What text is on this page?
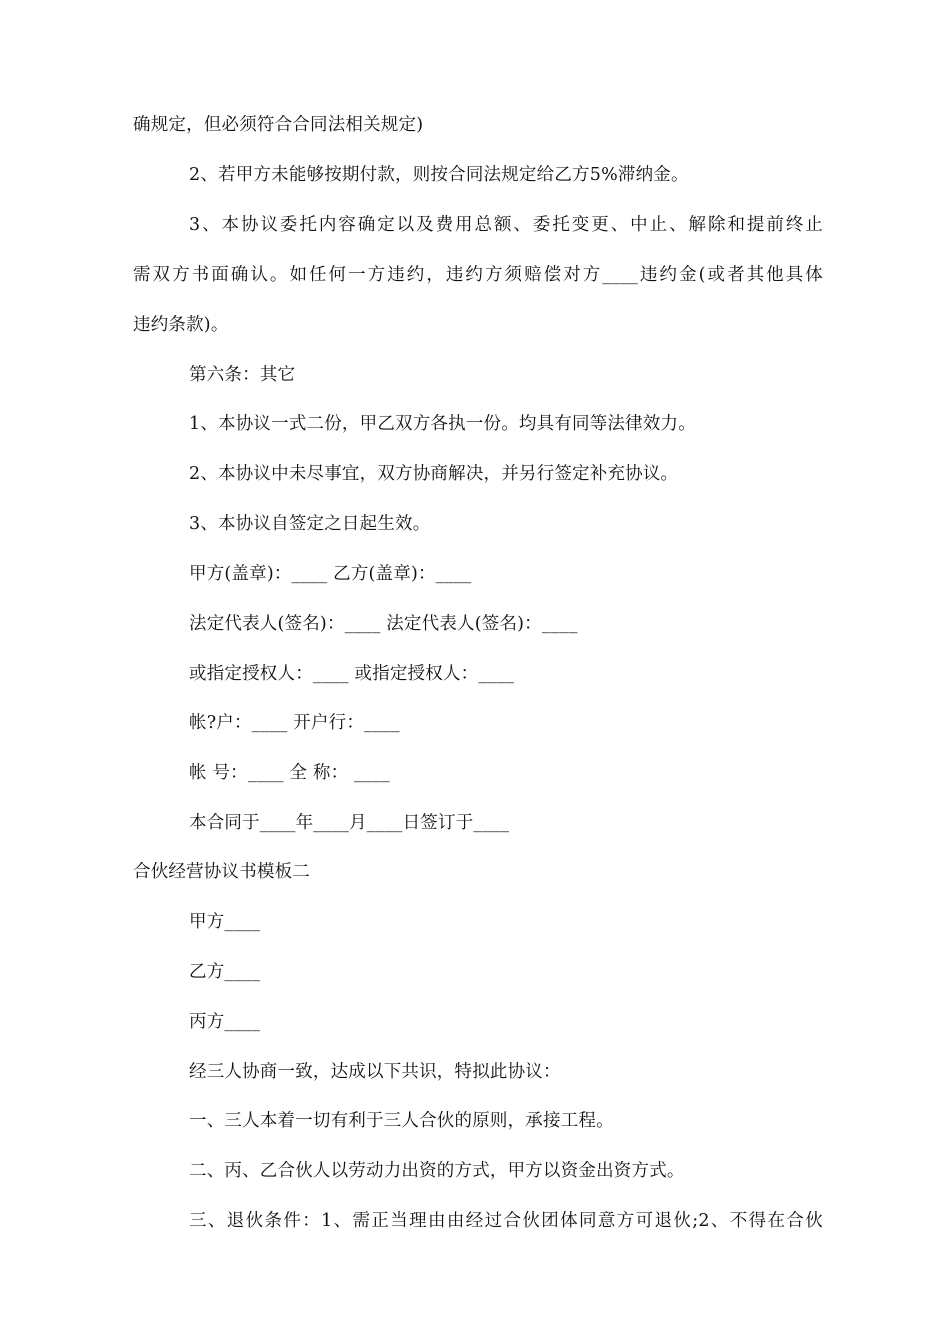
确规定，但必须符合合同法相关规定)
2、若甲方未能够按期付款，则按合同法规定给乙方5%滞纳金。
3、本协议委托内容确定以及费用总额、委托变更、中止、解除和提前终止
需双方书面确认。如任何一方违约，违约方须赔偿对方____违约金(或者其他具体
违约条款)。
第六条：其它
1、本协议一式二份，甲乙双方各执一份。均具有同等法律效力。
2、本协议中未尽事宜，双方协商解决，并另行签定补充协议。
3、本协议自签定之日起生效。
甲方(盖章)：____ 乙方(盖章)：____
法定代表人(签名)：____ 法定代表人(签名)：____
或指定授权人：____ 或指定授权人：____
帐?户：____ 开户行：____
帐 号：____ 全 称： ____
本合同于____年____月____日签订于____
合伙经营协议书模板二
甲方____
乙方____
丙方____
经三人协商一致，达成以下共识，特拟此协议：
一、三人本着一切有利于三人合伙的原则，承接工程。
二、丙、乙合伙人以劳动力出资的方式，甲方以资金出资方式。
三、退伙条件：1、需正当理由由经过合伙团体同意方可退伙;2、不得在合伙
